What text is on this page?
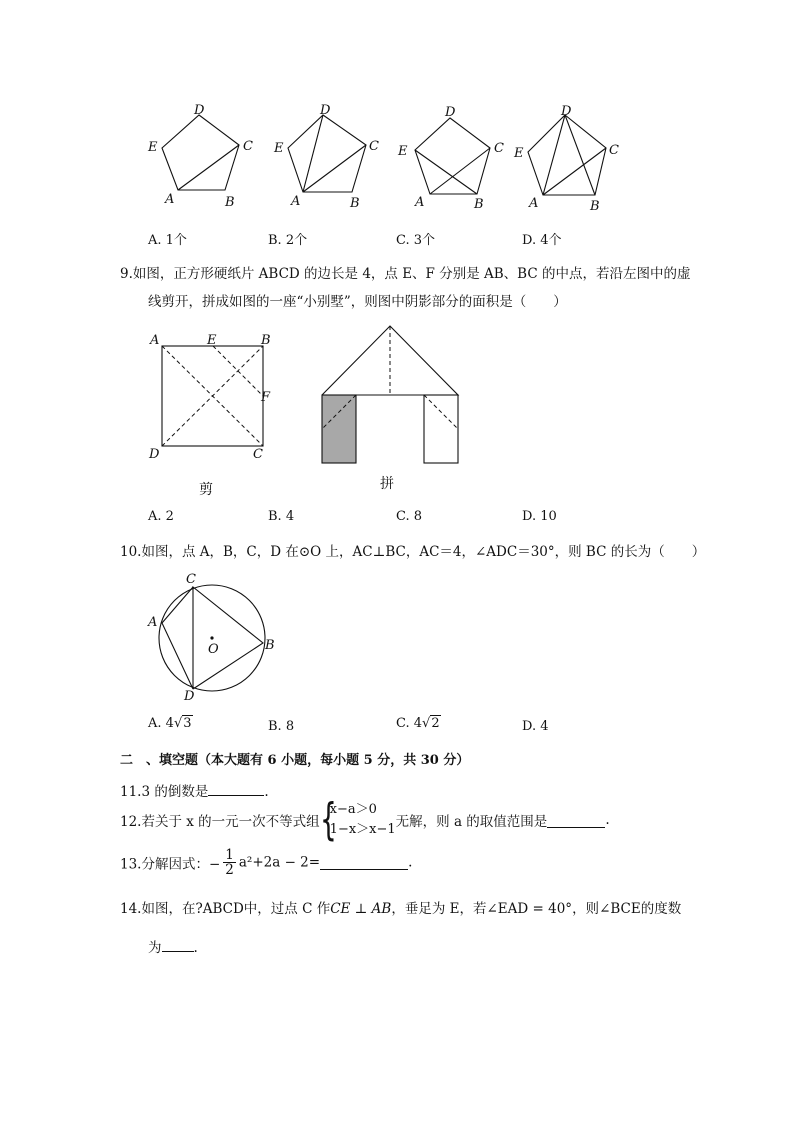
D
C
E
A	B
D
C
E
A	B
D
C
E
A	B
D
C
E
A	B
A. 1个	B. 2个	C. 3个	D. 4个
9.如图，正方形硬纸片 ABCD 的边长是 4，点 E、F 分别是 AB、BC 的中点，若沿左图中的虚
线剪开，拼成如图的一座“小别墅”，则图中阴影部分的面积是（　　）
A	E	B
F
D	C
剪	拼
A. 2	B. 4	C. 8	D. 10
10.如图，点 A，B，C，D 在⊙O 上，AC⊥BC，AC＝4，∠ADC＝30°，则 BC 的长为（　　）
C
A
B
D
O
A. 4√3	B. 8	C. 4√2	D. 4
二　、填空题（本大题有 6 小题，每小题 5 分，共 30 分）
11.3 的倒数是	.
12.若关于 x 的一元一次不等式组 {
x−a＞0
1−x＞x−1 无解，则 a 的取值范围是	.
13.分解因式：− $\frac{1}{2} a^2+2a - 2=$	.
14.如图，在?ABCD中，过点 C 作CE ⊥ AB，垂足为 E，若∠EAD = 40°，则∠BCE的度数
为 .
